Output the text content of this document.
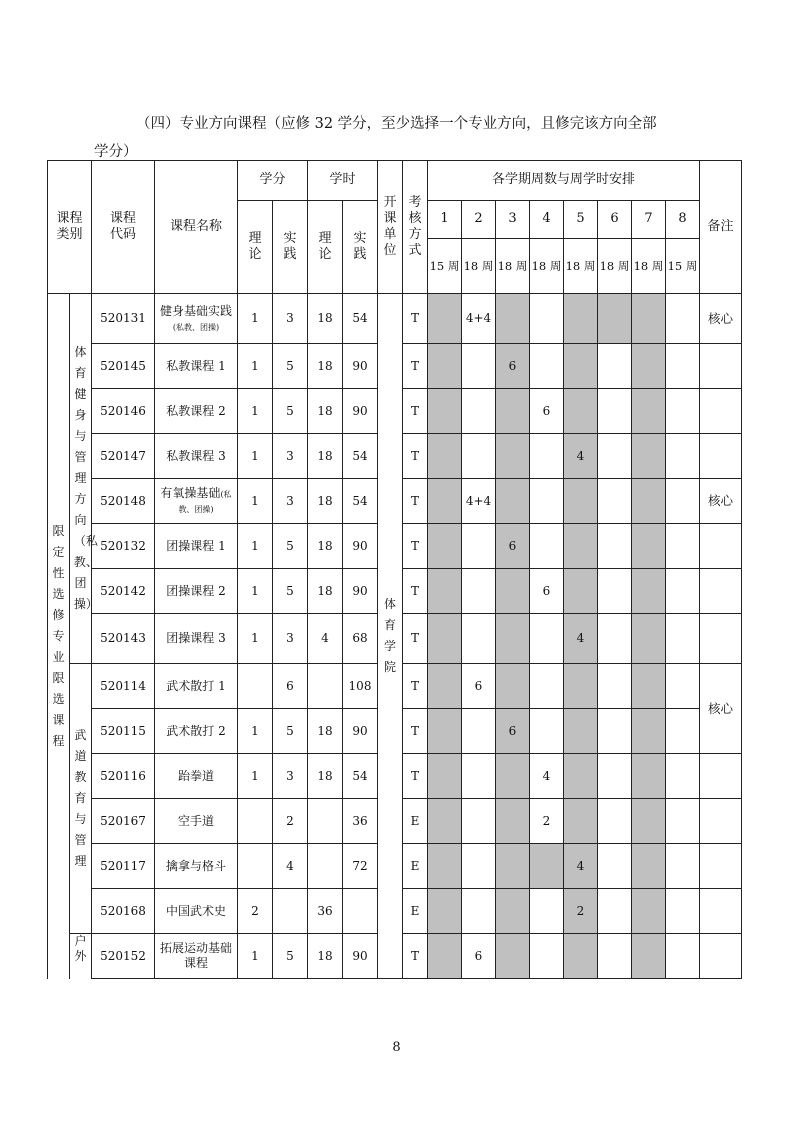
（四）专业方向课程（应修 32 学分，至少选择一个专业方向，且修完该方向全部
学分）
课程类别		课程代码	课程名称	学分		学时		开课单位	考核方式	各学期周数与周学时安排								备注
				理论	实践	理论	实践			1	2	3	4	5	6	7	8	
										15 周	18 周	18 周	18 周	18 周	18 周	18 周	15 周	
限定性选修专业限选课程	体育健身与管理方向（私教、团操）	520131	健身基础实践(私教、团操)	1	3	18	54	体育学院	T		4+4							核心
		520145	私教课程 1	1	5	18	90		T			6						
		520146	私教课程 2	1	5	18	90		T				6					
		520147	私教课程 3	1	3	18	54		T					4				
		520148	有氧操基础(私教、团操)	1	3	18	54		T		4+4							核心
		520132	团操课程 1	1	5	18	90		T			6						
		520142	团操课程 2	1	5	18	90		T				6					
		520143	团操课程 3	1	3	4	68		T					4				
	武道教育与管理	520114	武术散打 1		6		108		T		6							核心
		520115	武术散打 2	1	5	18	90		T			6						
		520116	跆拳道	1	3	18	54		T				4					
		520167	空手道		2		36		E				2					
		520117	擒拿与格斗		4		72		E					4				
		520168	中国武术史	2		36			E					2				
	户外	520152	拓展运动基础课程	1	5	18	90		T		6							
8
